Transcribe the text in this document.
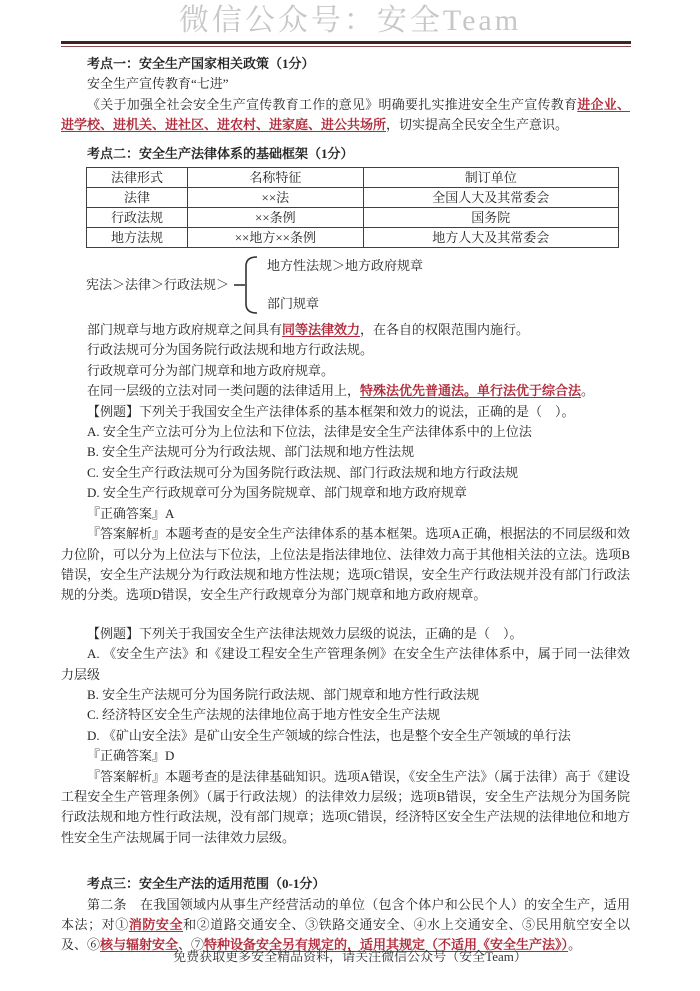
微信公众号：安全Team

考点一：安全生产国家相关政策（1分）

安全生产宣传教育“七进”

《关于加强全社会安全生产宣传教育工作的意见》明确要扎实推进安全生产宣传教育进企业、进学校、进机关、进社区、进农村、进家庭、进公共场所，切实提高全民安全生产意识。

考点二：安全生产法律体系的基础框架（1分）

法律形式	名称特征	制订单位
法律	××法	全国人大及其常委会
行政法规	××条例	国务院
地方法规	××地方××条例	地方人大及其常委会
宪法＞法律＞行政法规＞
地方性法规＞地方政府规章
部门规章

部门规章与地方政府规章之间具有同等法律效力，在各自的权限范围内施行。

行政法规可分为国务院行政法规和地方行政法规。

行政规章可分为部门规章和地方政府规章。

在同一层级的立法对同一类问题的法律适用上，特殊法优先普通法。单行法优于综合法。

【例题】下列关于我国安全生产法律体系的基本框架和效力的说法，正确的是（　）。

A. 安全生产立法可分为上位法和下位法，法律是安全生产法律体系中的上位法

B. 安全生产法规可分为行政法规、部门法规和地方性法规

C. 安全生产行政法规可分为国务院行政法规、部门行政法规和地方行政法规

D. 安全生产行政规章可分为国务院规章、部门规章和地方政府规章

『正确答案』A

『答案解析』本题考查的是安全生产法律体系的基本框架。选项A正确，根据法的不同层级和效力位阶，可以分为上位法与下位法，上位法是指法律地位、法律效力高于其他相关法的立法。选项B错误，安全生产法规分为行政法规和地方性法规；选项C错误，安全生产行政法规并没有部门行政法规的分类。选项D错误，安全生产行政规章分为部门规章和地方政府规章。

【例题】下列关于我国安全生产法律法规效力层级的说法，正确的是（　）。

A. 《安全生产法》和《建设工程安全生产管理条例》在安全生产法律体系中，属于同一法律效力层级

B. 安全生产法规可分为国务院行政法规、部门规章和地方性行政法规

C. 经济特区安全生产法规的法律地位高于地方性安全生产法规

D. 《矿山安全法》是矿山安全生产领域的综合性法，也是整个安全生产领域的单行法

『正确答案』D

『答案解析』本题考查的是法律基础知识。选项A错误，《安全生产法》（属于法律）高于《建设工程安全生产管理条例》（属于行政法规）的法律效力层级；选项B错误，安全生产法规分为国务院行政法规和地方性行政法规，没有部门规章；选项C错误，经济特区安全生产法规的法律地位和地方性安全生产法规属于同一法律效力层级。

考点三：安全生产法的适用范围（0-1分）

第二条　在我国领域内从事生产经营活动的单位（包含个体户和公民个人）的安全生产，适用本法；对①消防安全和②道路交通安全、③铁路交通安全、④水上交通安全、⑤民用航空安全以及、⑥核与辐射安全、⑦特种设备安全另有规定的，适用其规定（不适用《安全生产法》）。

免费获取更多安全精品资料，请关注微信公众号（安全Team）
